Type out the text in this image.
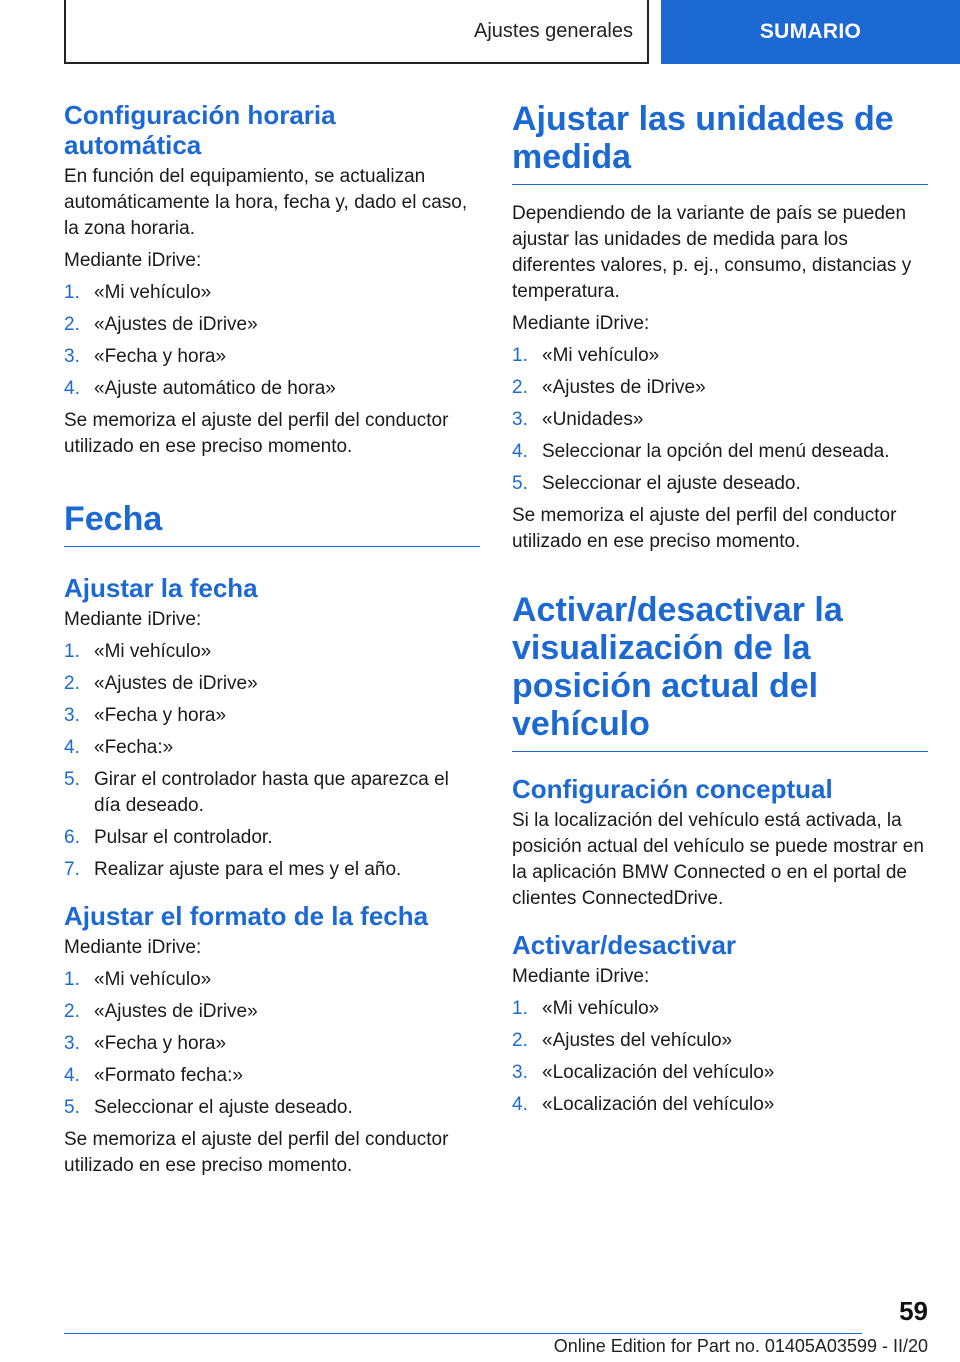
Ajustes generales	SUMARIO
Configuración horaria automática

En función del equipamiento, se actualizan automáticamente la hora, fecha y, dado el caso, la zona horaria.

Mediante iDrive:

1. «Mi vehículo»
2. «Ajustes de iDrive»
3. «Fecha y hora»
4. «Ajuste automático de hora»

Se memoriza el ajuste del perfil del conductor utilizado en ese preciso momento.

Fecha
Ajustar la fecha

Mediante iDrive:

1. «Mi vehículo»
2. «Ajustes de iDrive»
3. «Fecha y hora»
4. «Fecha:»
5. Girar el controlador hasta que aparezca el día deseado.
6. Pulsar el controlador.
7. Realizar ajuste para el mes y el año.
Ajustar el formato de la fecha

Mediante iDrive:

1. «Mi vehículo»
2. «Ajustes de iDrive»
3. «Fecha y hora»
4. «Formato fecha:»
5. Seleccionar el ajuste deseado.

Se memoriza el ajuste del perfil del conductor utilizado en ese preciso momento.

Ajustar las unidades de medida

Dependiendo de la variante de país se pueden ajustar las unidades de medida para los diferentes valores, p. ej., consumo, distancias y temperatura.

Mediante iDrive:

1. «Mi vehículo»
2. «Ajustes de iDrive»
3. «Unidades»
4. Seleccionar la opción del menú deseada.
5. Seleccionar el ajuste deseado.

Se memoriza el ajuste del perfil del conductor utilizado en ese preciso momento.

Activar/desactivar la visualización de la posición actual del vehículo
Configuración conceptual

Si la localización del vehículo está activada, la posición actual del vehículo se puede mostrar en la aplicación BMW Connected o en el portal de clientes ConnectedDrive.

Activar/desactivar

Mediante iDrive:

1. «Mi vehículo»
2. «Ajustes del vehículo»
3. «Localización del vehículo»
4. «Localización del vehículo»
59
Online Edition for Part no. 01405A03599 - II/20
